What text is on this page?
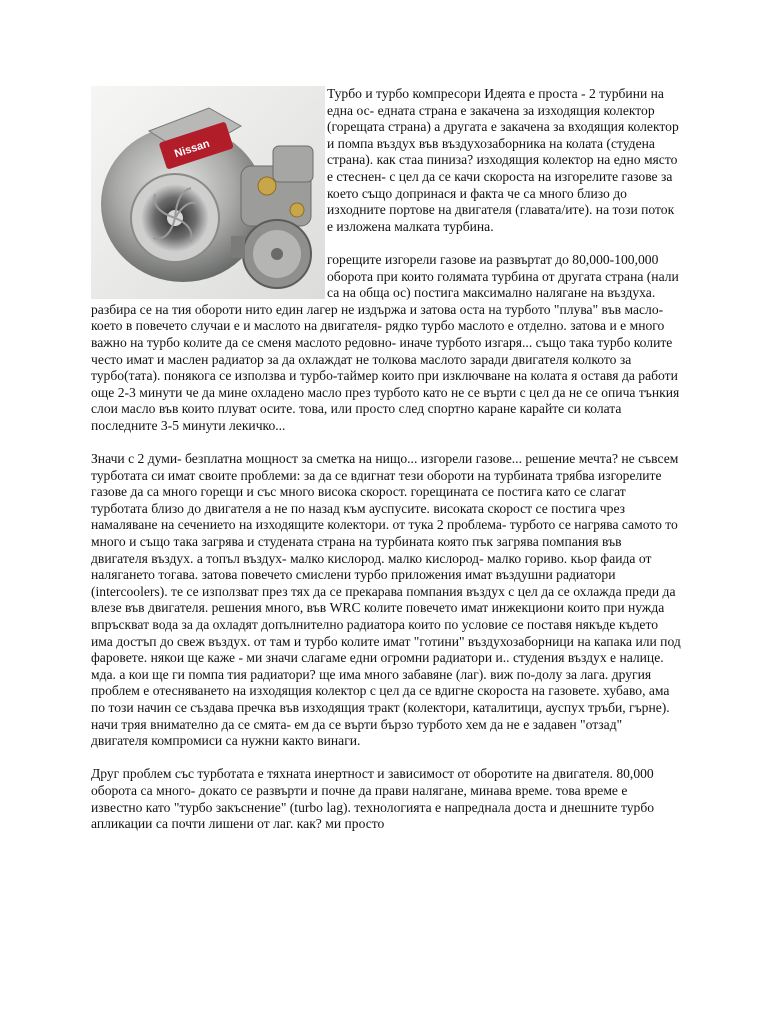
Nissan

Турбо и турбо компресори Идеята е проста - 2 турбини на една ос- едната страна е закачена за изходящия колектор (горещата страна) а другата е закачена за входящия колектор и помпа въздух във въздухозаборника на колата (студена страна). как стаа пиниза? изходящия колектор на едно място е стеснен- с цел да се качи скороста на изгорелите газове за което също допринася и факта че са много близо до изходните портове на двигателя (главата/ите). на този поток е изложена малката турбина.

горещите изгорели газове иа развъртат до 80,000-100,000 оборота при които голямата турбина от другата страна (нали са на обща ос) постига максимално налягане на въздуха. разбира се на тия обороти нито един лагер не издържа и затова оста на турбото "плува" във масло- което в повечето случаи е и маслото на двигателя- рядко турбо маслото е отделно. затова и е много важно на турбо колите да се сменя маслото редовно- иначе турбото изгаря... също така турбо колите често имат и маслен радиатор за да охлаждат не толкова маслото заради двигателя колкото за турбо(тата). понякога се използва и турбо-таймер които при изключване на колата я оставя да работи още 2-3 минути че да мине охладено масло през турбото като не се върти с цел да не се опича тънкия слои масло във които плуват осите. това, или просто след спортно каране карайте си колата последните 3-5 минути лекичко...

Значи с 2 думи- безплатна мощност за сметка на нищо... изгорели газове... решение мечта? не съвсем турботата си имат своите проблеми: за да се вдигнат тези обороти на турбината трябва изгорелите газове да са много горещи и със много висока скорост. горещината се постига като се слагат турботата близо до двигателя а не по назад към ауспусите. високата скорост се постига чрез намаляване на сечението на изходящите колектори. от тука 2 проблема- турбото се нагрява самото то много и също така загрява и студената страна на турбината която пък загрява помпания във двигателя въздух. а топъл въздух- малко кислород. малко кислород- малко гориво. кьор фаида от налягането тогава. затова повечето смислени турбо приложения имат въздушни радиатори (intercoolers). те се използват през тях да се прекарава помпания въздух с цел да се охлажда преди да влезе във двигателя. решения много, във WRC колите повечето имат инжекциони които при нужда впръскват вода за да охладят допълнително радиатора които по условие се поставя някъде където има достъп до свеж въздух. от там и турбо колите имат "готини" въздухозаборници на капака или под фаровете. някои ще каже - ми значи слагаме едни огромни радиатори и.. студения въздух е налице. мда. а кои ще ги помпа тия радиатори? ще има много забавяне (лаг). виж по-долу за лага. другия проблем е отесняването на изходящия колектор с цел да се вдигне скороста на газовете. хубаво, ама по този начин се създава пречка във изходящия тракт (колектори, каталитици, ауспух тръби, гърне). начи тряя внимателно да се смята- ем да се върти бързо турбото хем да не е задавен "отзад" двигателя компромиси са нужни както винаги.

Друг проблем със турботата е тяхната инертност и зависимост от оборотите на двигателя. 80,000 оборота са много- докато се развърти и почне да прави налягане, минава време. това време е известно като "турбо закъснение" (turbo lag). технологията е напреднала доста и днешните турбо апликации са почти лишени от лаг. как? ми просто
